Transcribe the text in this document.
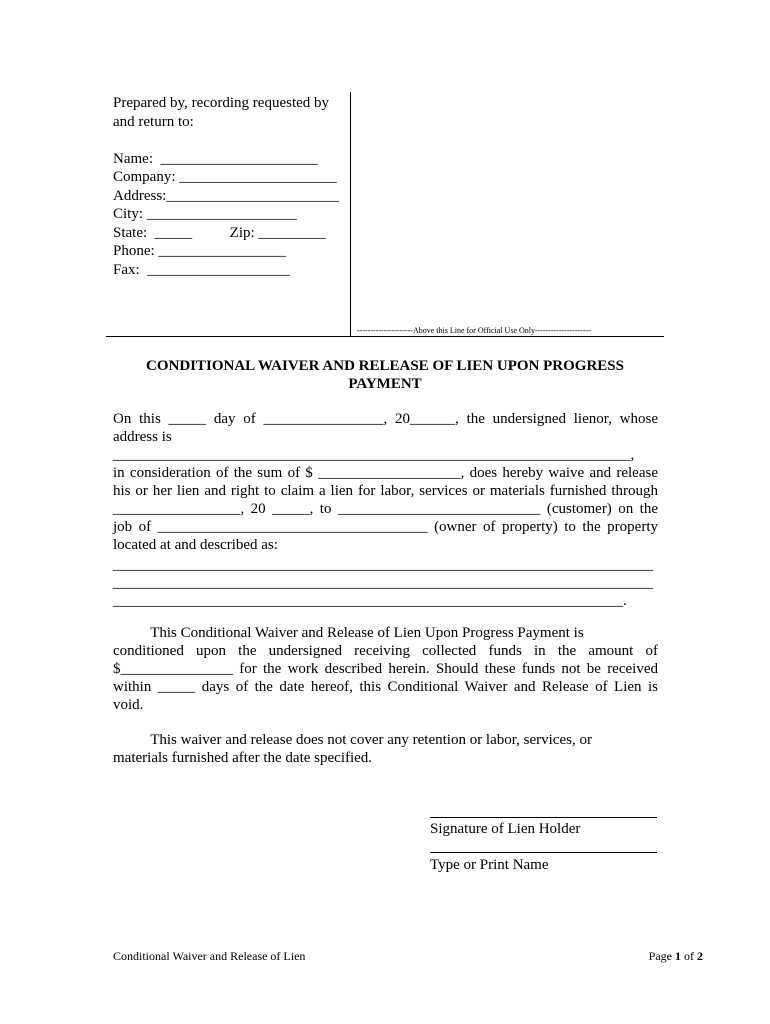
Prepared by, recording requested by
and return to:
Name:  _____________________
Company: _____________________
Address:_______________________
City: ____________________
State:  _____          Zip: _________
Phone: _________________
Fax:  ___________________
---------------------Above this Line for Official Use Only---------------------
CONDITIONAL WAIVER AND RELEASE OF LIEN UPON PROGRESS
PAYMENT
On this _____ day of ________________, 20______, the undersigned lienor, whose
address is
_____________________________________________________________________,
in consideration of the sum of $ ___________________, does hereby waive and release
his or her lien and right to claim a lien for labor, services or materials furnished through
_________________, 20 _____, to ___________________________ (customer) on the
job of ____________________________________ (owner of property) to the property
located at and described as:
________________________________________________________________________
________________________________________________________________________
____________________________________________________________________.
This Conditional Waiver and Release of Lien Upon Progress Payment is
conditioned upon the undersigned receiving collected funds in the amount of
$_______________ for the work described herein. Should these funds not be received
within _____ days of the date hereof, this Conditional Waiver and Release of Lien is
void.
This waiver and release does not cover any retention or labor, services, or
materials furnished after the date specified.
Signature of Lien Holder
Type or Print Name
Conditional Waiver and Release of Lien	Page 1 of 2
